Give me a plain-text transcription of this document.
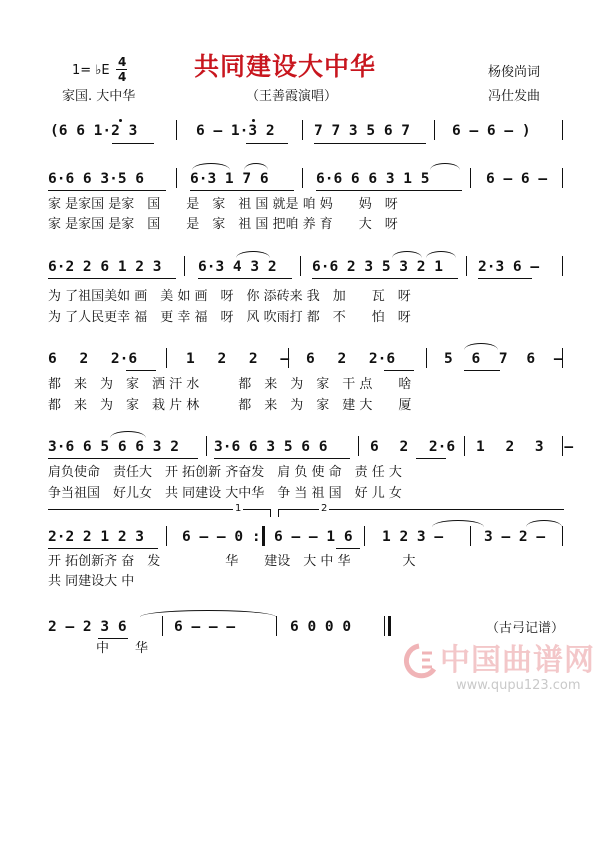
1= ♭E
4
4	共同建设大中华	杨俊尚词
家国. 大中华	（王善霞演唱）	冯仕发曲
(6 6 1·2 3	6 – 1·3 2	7 7 3 5 6 7	6 – 6 – )
6·6 6 3·5 6	6·3 1 7 6	6·6 6 6 3 1 5	6 – 6 –
家 是家国 是家　国　　是　家　祖 国 就是 咱 妈　　妈　呀
家 是家国 是家　国　　是　家　祖 国 把咱 养 育　　大　呀
6·2 2 6 1 2 3	6·3 4 3 2 6·6 2 3 5 3 2 1 2·3 6 –
为 了祖国美如 画　美 如 画　呀　你 添砖来 我　加　　瓦　呀
为 了人民更幸 福　更 幸 福　呀　风 吹雨打 都　不　　怕　呀
6 2 2·6	1 2 2 – 6 2 2·6	5 6 7 6 –
都　来　为　家　洒 汗 水　　　都　来　为　家　干 点　　啥
都　来　为　家　栽 片 林　　　都　来　为　家　建 大　　厦
3·6 6 5 6 6 3 2 3·6 6 3 5 6 6	6 2 2·6 1 2 3 –
肩负使命　责任大　开 拓创新 齐奋发　肩 负 使 命　责 任 大
争当祖国　好儿女　共 同建设 大中华　争 当 祖 国　好 儿 女
1	2
2·2 2 1 2 3	6 – – 0 : 6 – – 1 6 1 2 3 –	3 – 2 –
开 拓创新齐 奋　发　　　　　华　　建设　大 中 华　　　　大
共 同建设大 中
2 – 2 3 6	6 – – –	6 0 0 0
中　　华
（古弓记谱）
中国曲谱网
www.qupu123.com
